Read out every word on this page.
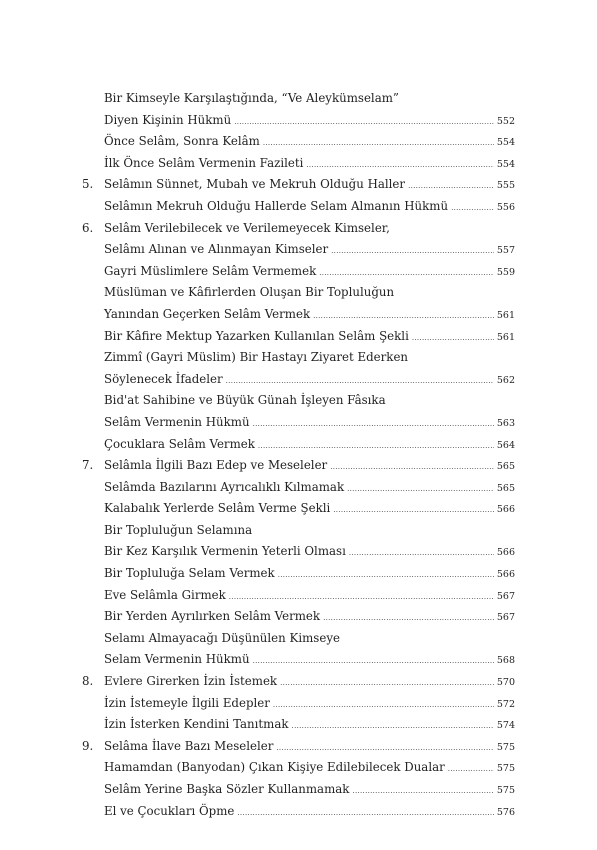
Bir Kimseyle Karşılaştığında, “Ve Aleykümselam”
Diyen Kişinin Hükmü .....	552
Önce Selâm, Sonra Kelâm .....	554
İlk Önce Selâm Vermenin Fazileti .....	554
5. Selâmın Sünnet, Mubah ve Mekruh Olduğu Haller .....	555
Selâmın Mekruh Olduğu Hallerde Selam Almanın Hükmü .....	556
6. Selâm Verilebilecek ve Verilemeyecek Kimseler,
Selâmı Alınan ve Alınmayan Kimseler .....	557
Gayri Müslimlere Selâm Vermemek .....	559
Müslüman ve Kâfirlerden Oluşan Bir Topluluğun
Yanından Geçerken Selâm Vermek .....	561
Bir Kâfire Mektup Yazarken Kullanılan Selâm Şekli .....	561
Zimmî (Gayri Müslim) Bir Hastayı Ziyaret Ederken
Söylenecek İfadeler .....	562
Bid'at Sahibine ve Büyük Günah İşleyen Fâsıka
Selâm Vermenin Hükmü .....	563
Çocuklara Selâm Vermek .....	564
7. Selâmla İlgili Bazı Edep ve Meseleler .....	565
Selâmda Bazılarını Ayrıcalıklı Kılmamak .....	565
Kalabalık Yerlerde Selâm Verme Şekli .....	566
Bir Topluluğun Selamına
Bir Kez Karşılık Vermenin Yeterli Olması .....	566
Bir Topluluğa Selam Vermek .....	566
Eve Selâmla Girmek .....	567
Bir Yerden Ayrılırken Selâm Vermek .....	567
Selamı Almayacağı Düşünülen Kimseye
Selam Vermenin Hükmü .....	568
8. Evlere Girerken İzin İstemek .....	570
İzin İstemeyle İlgili Edepler .....	572
İzin İsterken Kendini Tanıtmak .....	574
9. Selâma İlave Bazı Meseleler .....	575
Hamamdan (Banyodan) Çıkan Kişiye Edilebilecek Dualar .....	575
Selâm Yerine Başka Sözler Kullanmamak .....	575
El ve Çocukları Öpme .....	576
